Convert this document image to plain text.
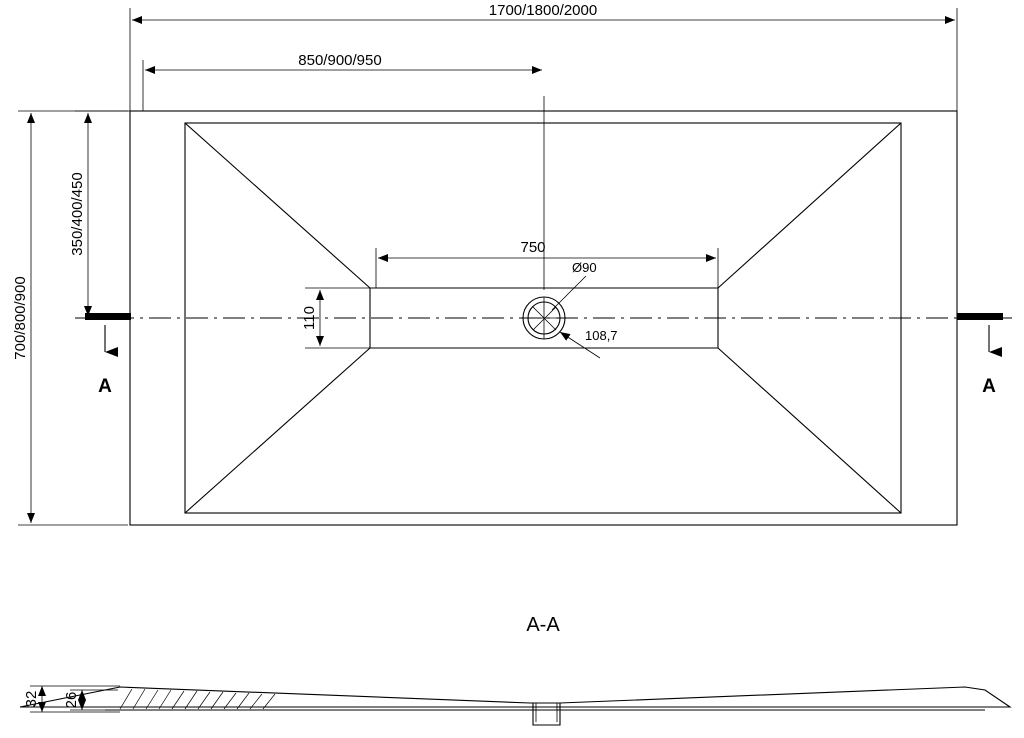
Ø90
108,7
1700/1800/2000
850/900/950
750
110
350/400/450
700/800/900
A	A
A-A
32 26
